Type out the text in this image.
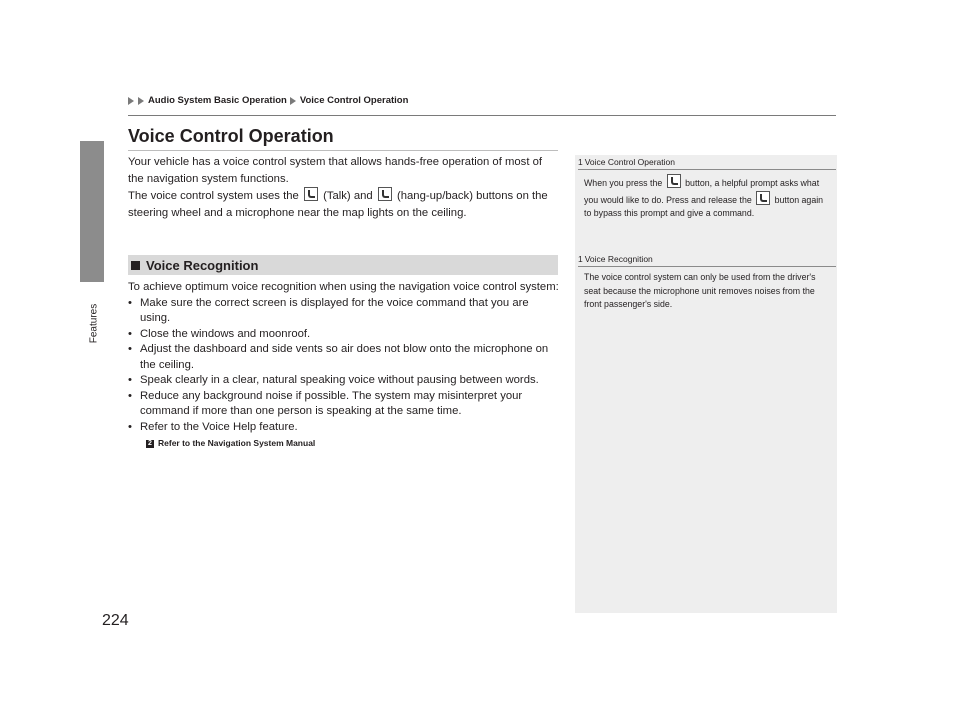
Features
224
Audio System Basic Operation Voice Control Operation
Voice Control Operation
Your vehicle has a voice control system that allows hands-free operation of most of the navigation system functions.
The voice control system uses the (Talk) and (hang-up/back) buttons on the steering wheel and a microphone near the map lights on the ceiling.
Voice Recognition
To achieve optimum voice recognition when using the navigation voice control system:
• Make sure the correct screen is displayed for the voice command that you are using.
• Close the windows and moonroof.
• Adjust the dashboard and side vents so air does not blow onto the microphone on the ceiling.
• Speak clearly in a clear, natural speaking voice without pausing between words.
• Reduce any background noise if possible. The system may misinterpret your command if more than one person is speaking at the same time.
• Refer to the Voice Help feature.
2 Refer to the Navigation System Manual
1 Voice Control Operation
When you press the	button, a helpful prompt asks what you would like to do. Press and release the	button again to bypass this prompt and give a command.
1 Voice Recognition
The voice control system can only be used from the driver's seat because the microphone unit removes noises from the front passenger's side.
